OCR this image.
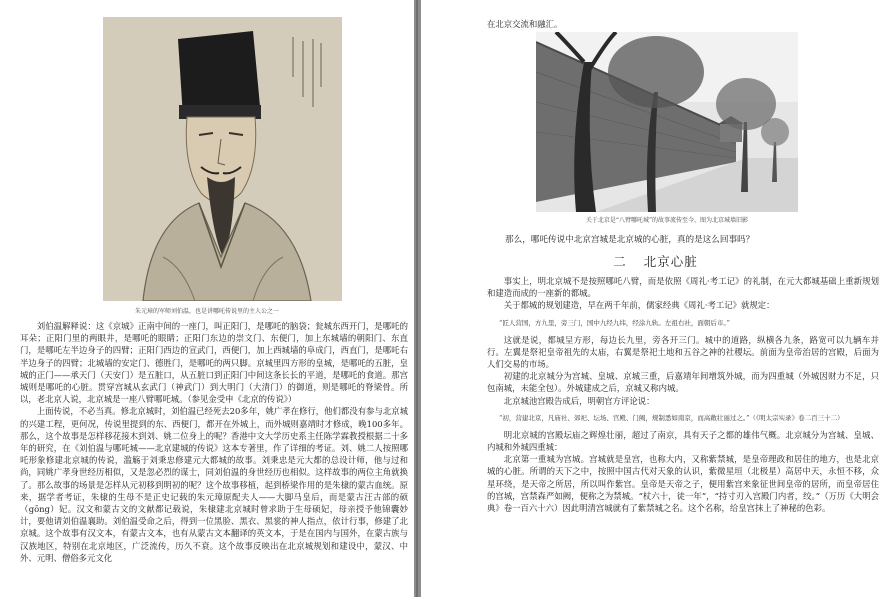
朱元璋的军师刘伯温，也是讲哪吒传说里的主人公之一

刘伯温解释说：这《京城》正南中间的一座门，叫正阳门，是哪吒的脑袋；瓮城东西开门，是哪吒的耳朵；正阳门里的两眼井，是哪吒的眼睛；正阳门东边的崇文门、东便门，加上东城墙的朝阳门、东直门，是哪吒左半边身子的四臂；正阳门西边的宣武门，西便门，加上西城墙的阜成门，西直门，是哪吒右半边身子的四臂；北城墙的安定门、德胜门，是哪吒的两只脚。京城里四方形的皇城，是哪吒的五脏，皇城的正门——承天门（天安门）是五脏口，从五脏口到正阳门中间这条长长的平道，是哪吒的食道。那宫城则是哪吒的心脏。贯穿宫城从玄武门（神武门）到大明门（大清门）的御道，则是哪吒的脊梁骨。所以，老北京人说，北京城是一座八臂哪吒城。（参见金受申《北京的传说》）

上面传说，不必当真。修北京城时，刘伯温已经死去20多年，姚广孝在修行，他们都没有参与北京城的兴建工程，更何况，传说里提到的东、西便门，都开在外城上，而外城则嘉靖时才修成，晚100多年。那么，这个故事是怎样移花接木到刘、姚二位身上的呢？香港中文大学历史系主任陈学霖教授根据二十多年的研究，在《刘伯温与哪吒城——北京建城的传说》这本专著里，作了详细的考证。刘、姚二人按照哪吒形象修建北京城的传说，滥觞于刘秉忠修建元大都城的故事。刘秉忠是元大都的总设计师，他与过和尚，同姚广孝身世经历相似，又是忽必烈的谋士，同刘伯温的身世经历也相似。这样故事的两位主角就换了。那么故事的场景是怎样从元初移到明初的呢？这个故事移植，起到桥梁作用的是朱棣的蒙古血统。原来，据学者考证，朱棣的生母不是正史记载的朱元璋原配夫人——大脚马皇后，而是蒙古汪古部的硕（gōng）妃。汉文和蒙古文的文献都记载说，朱棣建北京城时曾求助于生母硕妃，母亲授予他锦囊妙计，要他请刘伯温襄助。刘伯温受命之后，得到一位黑脸、黑衣、黑裳的神人指点，依计行事，修建了北京城。这个故事有汉文本，有蒙古文本，也有从蒙古文本翻译的英文本，于是在国内与国外，在蒙古族与汉族地区，特别在北京地区，广泛流传，历久不衰。这个故事反映出在北京城规划和建设中，蒙汉、中外、元明、僧俗多元文化

在北京交流和融汇。
关于北京是“八臂哪吒城”的故事流传至今，图为北京城墙旧影
那么，哪吒传说中北京宫城是北京城的心脏，真的是这么回事吗？
二 北京心脏

事实上，明北京城不是按照哪吒八臂，而是依照《周礼·考工记》的礼制，在元大都城基础上重新规划和建造而成的一座新的都城。

关于都城的规划建造，早在两千年前，儒家经典《周礼·考工记》就规定：

“匠人营国，方九里，旁三门，国中九经九纬，经涂九轨。左祖右社，面朝后市。”

这就是说，都城呈方形，每边长九里，旁各开三门。城中的道路，纵横各九条，路宽可以九辆车并行。左翼是祭祀皇帝祖先的太庙，右翼是祭祀土地和五谷之神的社稷坛。前面为皇帝治居的宫殿，后面为人们交易的市场。

初建的北京城分为宫城、皇城、京城三重，后嘉靖年间增筑外城，而为四重城（外城因财力不足，只包南城，未能全包）。外城建成之后，京城又称内城。

北京城池宫殿告成后，明朝官方评论说：

“初，营建北京，凡庙社、郊祀、坛场、宫殿、门阙，规制悉如南京，而高敞壮丽过之。”（《明太宗实录》卷二百三十二）

明北京城的宫殿坛庙之辉煌壮丽，超过了南京，具有天子之都的雄伟气概。北京城分为宫城、皇城、内城和外城四重城：

北京第一重城为宫城。宫城就是皇宫，也称大内，又称紫禁城，是皇帝理政和居住的地方，也是北京城的心脏。所谓的天下之中，按照中国古代对天象的认识，紫微星垣（北极星）高居中天，永恒不移，众星环绕，是天帝之所居，所以叫作紫宫。皇帝是天帝之子，便用紫宫来象征世间皇帝的居所，而皇帝居住的宫城，宫禁森严如阙，便称之为禁城。“杖六十，徒一年”，“持寸刃入宫殿门内者，绞。”（万历《大明会典》卷一百六十六）因此明清宫城就有了紫禁城之名。这个名称，给皇宫抹上了神秘的色彩。
